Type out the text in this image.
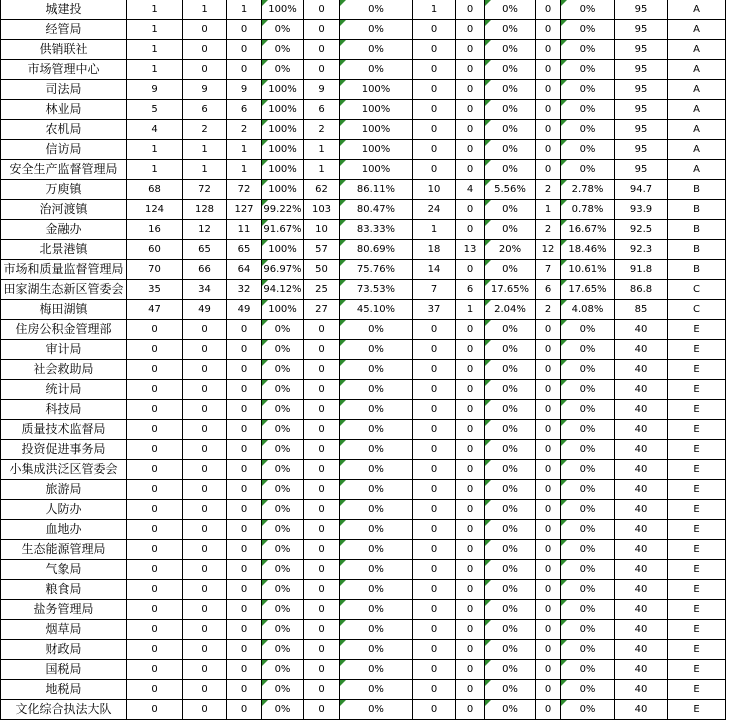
城建投	1	1	1	100%	0	0%	1	0	0%	0	0%	95	A
经管局	1	0	0	0%	0	0%	0	0	0%	0	0%	95	A
供销联社	1	0	0	0%	0	0%	0	0	0%	0	0%	95	A
市场管理中心	1	0	0	0%	0	0%	0	0	0%	0	0%	95	A
司法局	9	9	9	100%	9	100%	0	0	0%	0	0%	95	A
林业局	5	6	6	100%	6	100%	0	0	0%	0	0%	95	A
农机局	4	2	2	100%	2	100%	0	0	0%	0	0%	95	A
信访局	1	1	1	100%	1	100%	0	0	0%	0	0%	95	A
安全生产监督管理局	1	1	1	100%	1	100%	0	0	0%	0	0%	95	A
万庾镇	68	72	72	100%	62	86.11%	10	4	5.56%	2	2.78%	94.7	B
治河渡镇	124	128	127	99.22%	103	80.47%	24	0	0%	1	0.78%	93.9	B
金融办	16	12	11	91.67%	10	83.33%	1	0	0%	2	16.67%	92.5	B
北景港镇	60	65	65	100%	57	80.69%	18	13	20%	12	18.46%	92.3	B
市场和质量监督管理局	70	66	64	96.97%	50	75.76%	14	0	0%	7	10.61%	91.8	B
田家湖生态新区管委会	35	34	32	94.12%	25	73.53%	7	6	17.65%	6	17.65%	86.8	C
梅田湖镇	47	49	49	100%	27	45.10%	37	1	2.04%	2	4.08%	85	C
住房公积金管理部	0	0	0	0%	0	0%	0	0	0%	0	0%	40	E
审计局	0	0	0	0%	0	0%	0	0	0%	0	0%	40	E
社会救助局	0	0	0	0%	0	0%	0	0	0%	0	0%	40	E
统计局	0	0	0	0%	0	0%	0	0	0%	0	0%	40	E
科技局	0	0	0	0%	0	0%	0	0	0%	0	0%	40	E
质量技术监督局	0	0	0	0%	0	0%	0	0	0%	0	0%	40	E
投资促进事务局	0	0	0	0%	0	0%	0	0	0%	0	0%	40	E
小集成洪泛区管委会	0	0	0	0%	0	0%	0	0	0%	0	0%	40	E
旅游局	0	0	0	0%	0	0%	0	0	0%	0	0%	40	E
人防办	0	0	0	0%	0	0%	0	0	0%	0	0%	40	E
血地办	0	0	0	0%	0	0%	0	0	0%	0	0%	40	E
生态能源管理局	0	0	0	0%	0	0%	0	0	0%	0	0%	40	E
气象局	0	0	0	0%	0	0%	0	0	0%	0	0%	40	E
粮食局	0	0	0	0%	0	0%	0	0	0%	0	0%	40	E
盐务管理局	0	0	0	0%	0	0%	0	0	0%	0	0%	40	E
烟草局	0	0	0	0%	0	0%	0	0	0%	0	0%	40	E
财政局	0	0	0	0%	0	0%	0	0	0%	0	0%	40	E
国税局	0	0	0	0%	0	0%	0	0	0%	0	0%	40	E
地税局	0	0	0	0%	0	0%	0	0	0%	0	0%	40	E
文化综合执法大队	0	0	0	0%	0	0%	0	0	0%	0	0%	40	E
